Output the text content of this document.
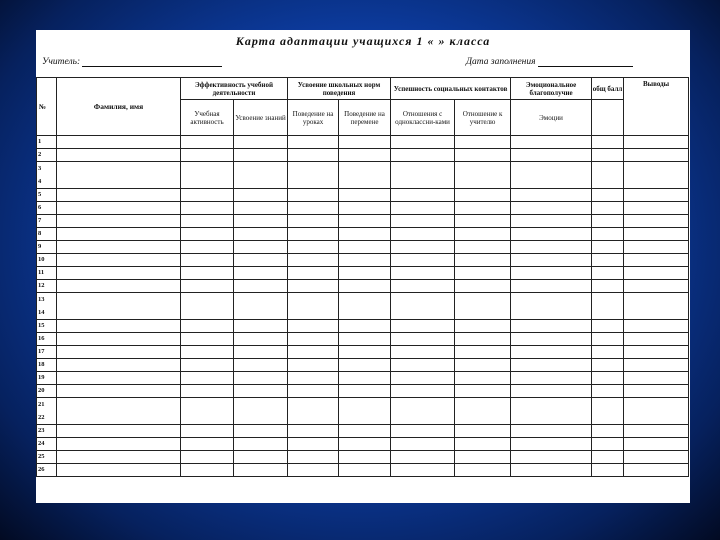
Карта адаптации учащихся 1 « » класса
Учитель:	Дата заполнения
№	Фамилия, имя	Эффективность учебной деятельности		Усвоение школьных норм поведения		Успешность социальных контактов		Эмоциональное благополучие	общ балл	Выводы
		Учебная активность	Усвоение знаний	Поведение на уроках	Поведение на перемене	Отношения с одноклассни-ками	Отношение к учителю	Эмоции		
1										
2										

3
4										

5										
6										
7										
8										
9										
10										
11										
12										

13
14										

15										
16										
17										
18										
19										
20										

21
22										

23										
24										
25										
26										
